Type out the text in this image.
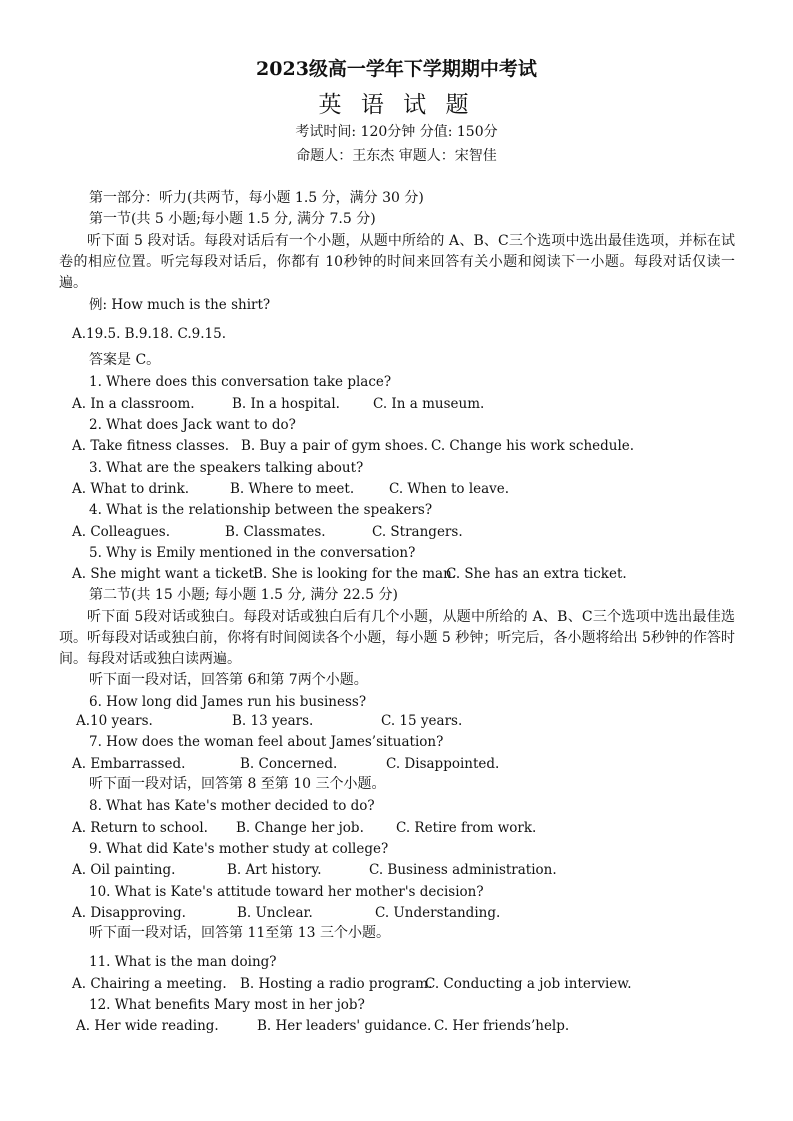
2023级高一学年下学期期中考试
英 语 试 题
考试时间: 120分钟 分值: 150分
命题人：王东杰 审题人：宋智佳
第一部分：听力(共两节，每小题 1.5 分，满分 30 分)
第一节(共 5 小题;每小题 1.5 分, 满分 7.5 分)
听下面 5 段对话。每段对话后有一个小题，从题中所给的 A、B、C三个选项中选出最佳选项，并标在试卷的相应位置。听完每段对话后，你都有 10秒钟的时间来回答有关小题和阅读下一小题。每段对话仅读一遍。
例: How much is the shirt?
A.19.5. B.9.18. C.9.15.
答案是 C。
1. Where does this conversation take place?
A. In a classroom.	B. In a hospital. C. In a museum.
2. What does Jack want to do?
A. Take fitness classes. B. Buy a pair of gym shoes. C. Change his work schedule.
3. What are the speakers talking about?
A. What to drink.	B. Where to meet.	C. When to leave.
4. What is the relationship between the speakers?
A. Colleagues.	B. Classmates.	C. Strangers.
5. Why is Emily mentioned in the conversation?
A. She might want a ticket.
B. She is looking for the man.
C. She has an extra ticket.
第二节(共 15 小题; 每小题 1.5 分, 满分 22.5 分)
听下面 5段对话或独白。每段对话或独白后有几个小题，从题中所给的 A、B、C三个选项中选出最佳选项。听每段对话或独白前，你将有时间阅读各个小题，每小题 5 秒钟；听完后，各小题将给出 5秒钟的作答时间。每段对话或独白读两遍。
听下面一段对话，回答第 6和第 7两个小题。
6. How long did James run his business?
A.10 years.	B. 13 years.	C. 15 years.
7. How does the woman feel about James’situation?
A. Embarrassed.	B. Concerned.	C. Disappointed.
听下面一段对话，回答第 8 至第 10 三个小题。
8. What has Kate's mother decided to do?
A. Return to school. B. Change her job. C. Retire from work.
9. What did Kate's mother study at college?
A. Oil painting.	B. Art history.	C. Business administration.
10. What is Kate's attitude toward her mother's decision?
A. Disapproving.	B. Unclear.	C. Understanding.
听下面一段对话，回答第 11至第 13 三个小题。
11. What is the man doing?
A. Chairing a meeting. B. Hosting a radio program.
C. Conducting a job interview.
12. What benefits Mary most in her job?
A. Her wide reading.	B. Her leaders' guidance. C. Her friends’help.
